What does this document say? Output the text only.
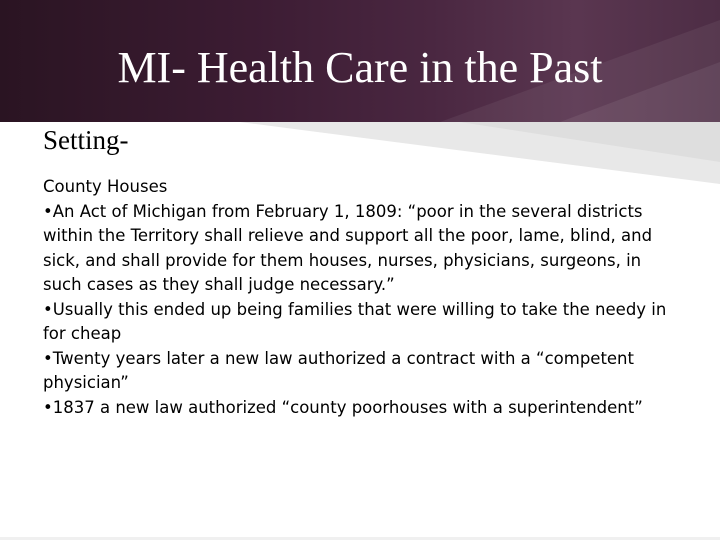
MI- Health Care in the Past
Setting-

County Houses

•An Act of Michigan from February 1, 1809: “poor in the several districts within the Territory shall relieve and support all the poor, lame, blind, and sick, and shall provide for them houses, nurses, physicians, surgeons, in such cases as they shall judge necessary.”

•Usually this ended up being families that were willing to take the needy in for cheap

•Twenty years later a new law authorized a contract with a “competent physician”

•1837 a new law authorized “county poorhouses with a superintendent”
